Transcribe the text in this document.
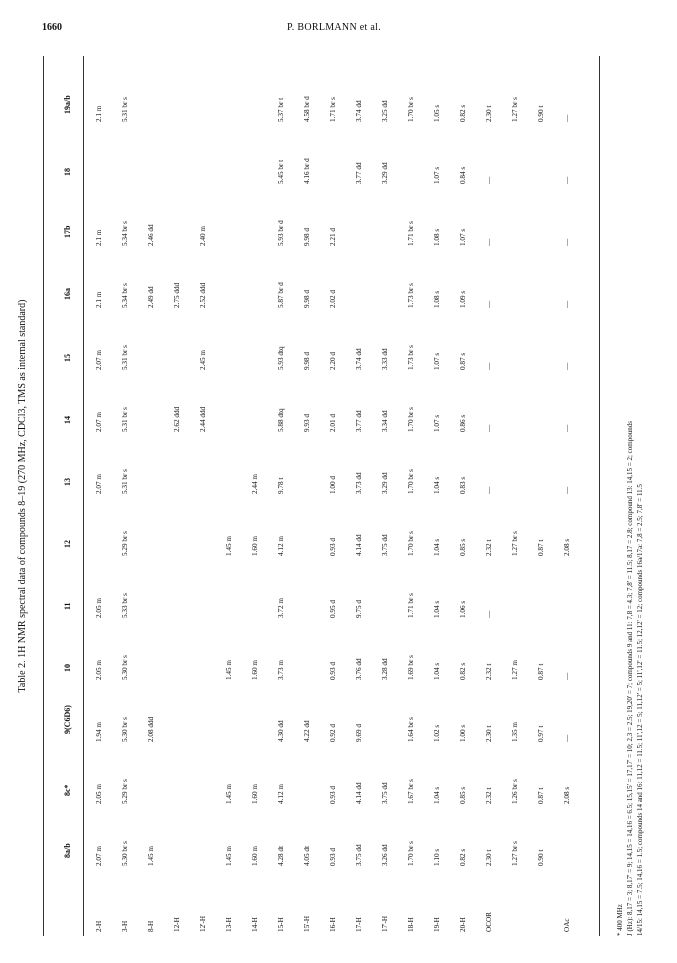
1660	P. BORLMANN et al.
Table 2. 1H NMR spectral data of compounds 8–19 (270 MHz, CDCl3, TMS as internal standard)
8a/b
8c*
9(C6D6)
10
11
12
13
14
15
16a
17b
18
19a/b
2-H
2.07 m
2.05 m
1.94 m
2.05 m
2.05 m
2.07 m
2.07 m
2.07 m
2.1 m
2.1 m
2.1 m
3-H
5.30 br s
5.29 br s
5.30 br s
5.30 br s
5.33 br s
5.29 br s
5.31 br s
5.31 br s
5.31 br s
5.34 br s
5.34 br s
5.31 br s
8-H
1.45 m
2.08 ddd
2.49 dd
2.46 dd
12-H
2.62 ddd
2.75 ddd
12'-H
2.44 ddd
2.45 m
2.52 ddd
2.40 m
13-H
1.45 m
1.45 m
1.45 m
1.45 m
14-H
1.60 m
1.60 m
1.60 m
1.60 m
2.44 m
15-H
4.28 dt
4.12 m
4.30 dd
3.73 m
3.72 m
4.12 m
9.78 t
5.88 dtq
5.93 dtq
5.87 br d
5.93 br d
5.45 br t
5.37 br t
15'-H
4.05 dt
4.22 dd
9.93 d
9.98 d
9.98 d
9.98 d
4.16 br d
4.58 br d
16-H
0.93 d
0.93 d
0.92 d
0.93 d
0.95 d
0.93 d
1.00 d
2.01 d
2.20 d
2.02 d
2.21 d
1.71 br s
17-H
3.75 dd
4.14 dd
9.69 d
3.76 dd
9.75 d
4.14 dd
3.73 dd
3.77 dd
3.74 dd
3.77 dd
3.74 dd
17'-H
3.26 dd
3.75 dd
3.28 dd
3.75 dd
3.29 dd
3.34 dd
3.33 dd
3.29 dd
3.25 dd
18-H
1.70 br s
1.67 br s
1.64 br s
1.69 br s
1.71 br s
1.70 br s
1.70 br s
1.70 br s
1.73 br s
1.73 br s
1.71 br s
1.70 br s
19-H
1.10 s
1.04 s
1.02 s
1.04 s
1.04 s
1.04 s
1.04 s
1.07 s
1.07 s
1.08 s
1.08 s
1.07 s
1.05 s
20-H
0.82 s
0.85 s
1.00 s
0.82 s
1.06 s
0.85 s
0.83 s
0.86 s
0.87 s
1.09 s
1.07 s
0.84 s
0.82 s
OCOR
2.30 t
2.32 t
2.30 t
2.32 t
—
2.32 t
—
—
—
—
—
—
2.30 t
1.27 br s
1.26 br s
1.35 m
1.27 m
1.27 br s
1.27 br s
0.90 t
0.87 t
0.97 t
0.87 t
0.87 t
0.90 t
OAc
2.08 s
—
—
2.08 s
—
—
—
—
—
—
—
* 400 MHz J (Hz): 8,17 = 3; 8,17' = 9; 14,15 = 14,16 = 6.5; 15,15' = 17,17' = 10; 2,3 = 2.5; 19,20' = 7; compounds 9 and 11: 7,8 = 4.3; 7,8' = 11.5; 8,17 = 2.8; compound 13: 14,15 = 2; compounds 14/15: 14,15 = 7.5; 14,16 = 1.5; compounds 14 and 16: 11,12 = 11.5; 11',12 = 5; 11,12' = 5; 11',12' = 11.5; 12,12' = 12; compounds 16a/17a: 7,8 = 2.5; 7,8' = 11.5
